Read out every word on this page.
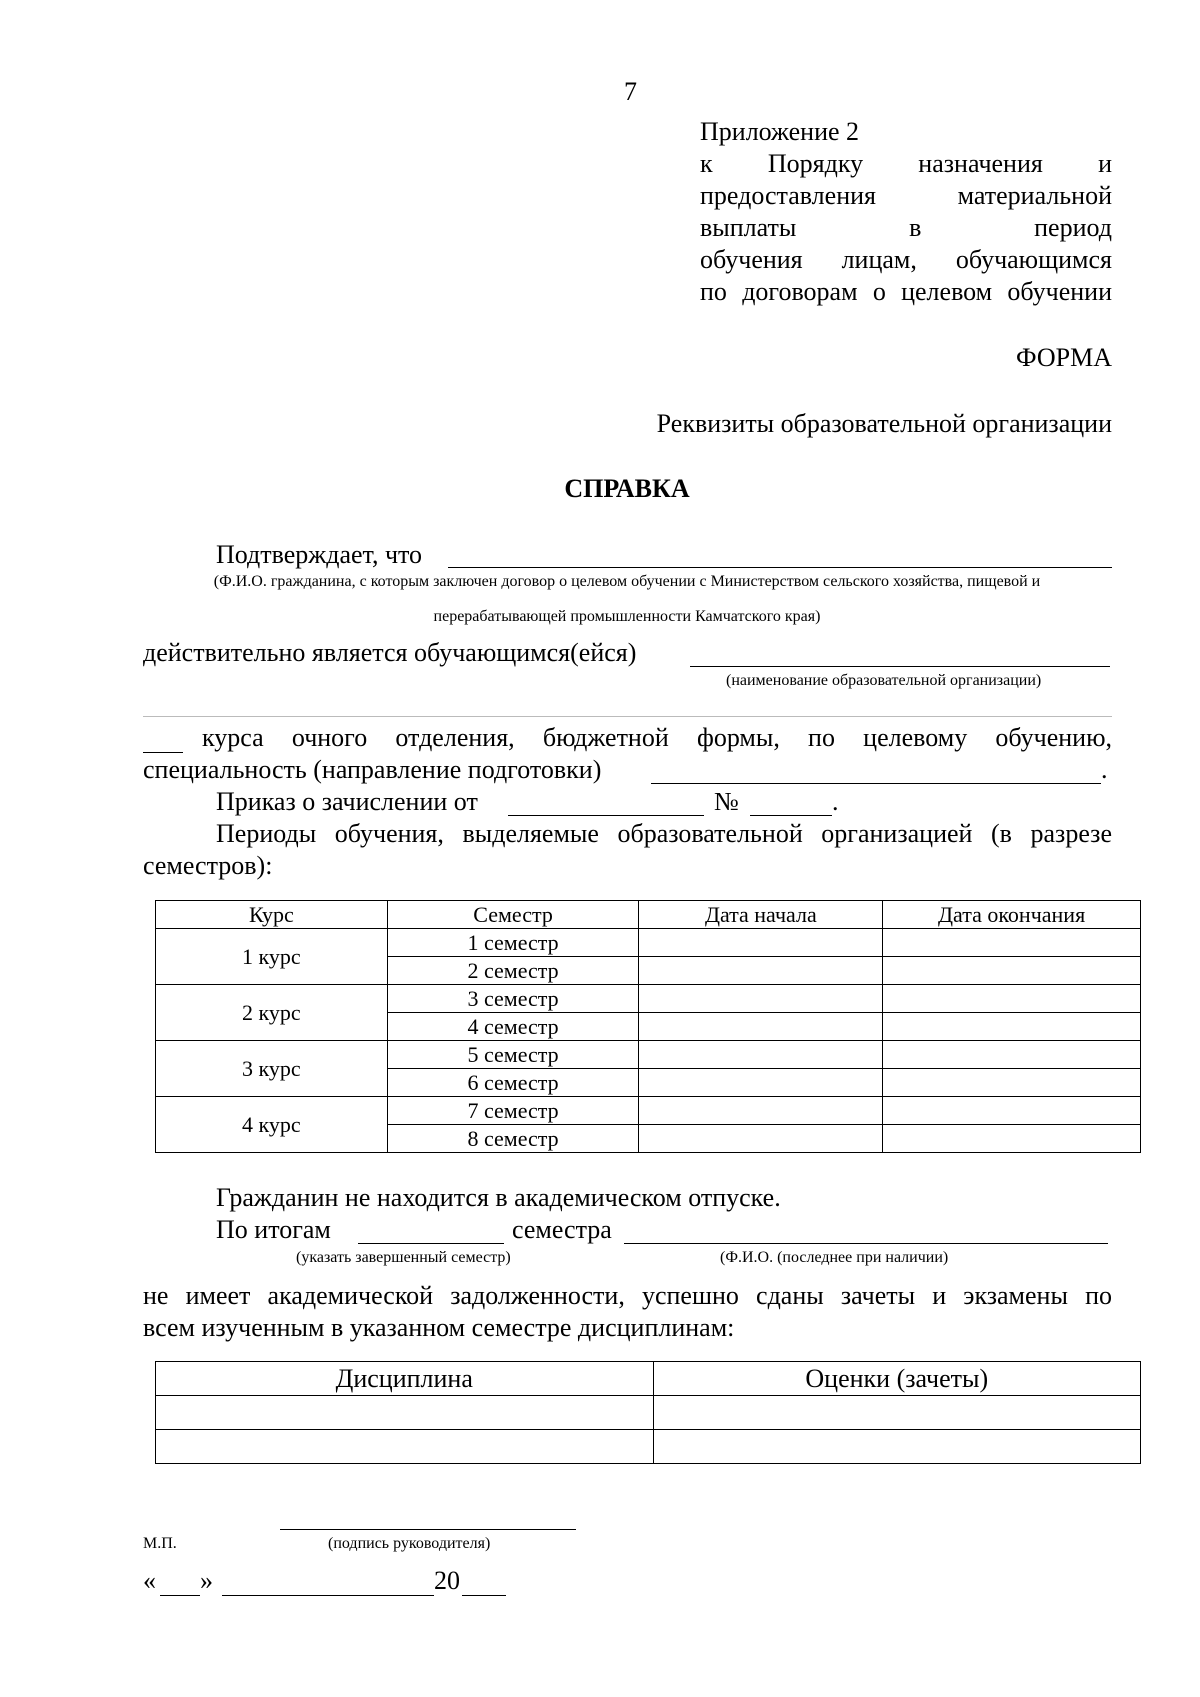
7
Приложение 2
к Порядку назначения и
предоставления материальной
выплаты в период
обучения лицам, обучающимся
по договорам о целевом обучении
ФОРМА
Реквизиты образовательной организации
СПРАВКА
Подтверждает, что
(Ф.И.О. гражданина, с которым заключен договор о целевом обучении с Министерством сельского хозяйства, пищевой и
перерабатывающей промышленности Камчатского края)
действительно является обучающимся(ейся)
(наименование образовательной организации)
курса очного отделения, бюджетной формы, по целевому обучению,
специальность (направление подготовки)	.
Приказ о зачислении от	№	.
Периоды обучения, выделяемые образовательной организацией (в разрезе
семестров):
Курс	Семестр	Дата начала	Дата окончания
1 курс	1 семестр		
	2 семестр		
2 курс	3 семестр		
	4 семестр		
3 курс	5 семестр		
	6 семестр		
4 курс	7 семестр		
	8 семестр		
Гражданин не находится в академическом отпуске.
По итогам	семестра
(указать завершенный семестр)	(Ф.И.О. (последнее при наличии)
не имеет академической задолженности, успешно сданы зачеты и экзамены по
всем изученным в указанном семестре дисциплинам:
Дисциплина	Оценки (зачеты)

М.П.	(подпись руководителя)
« »	20
